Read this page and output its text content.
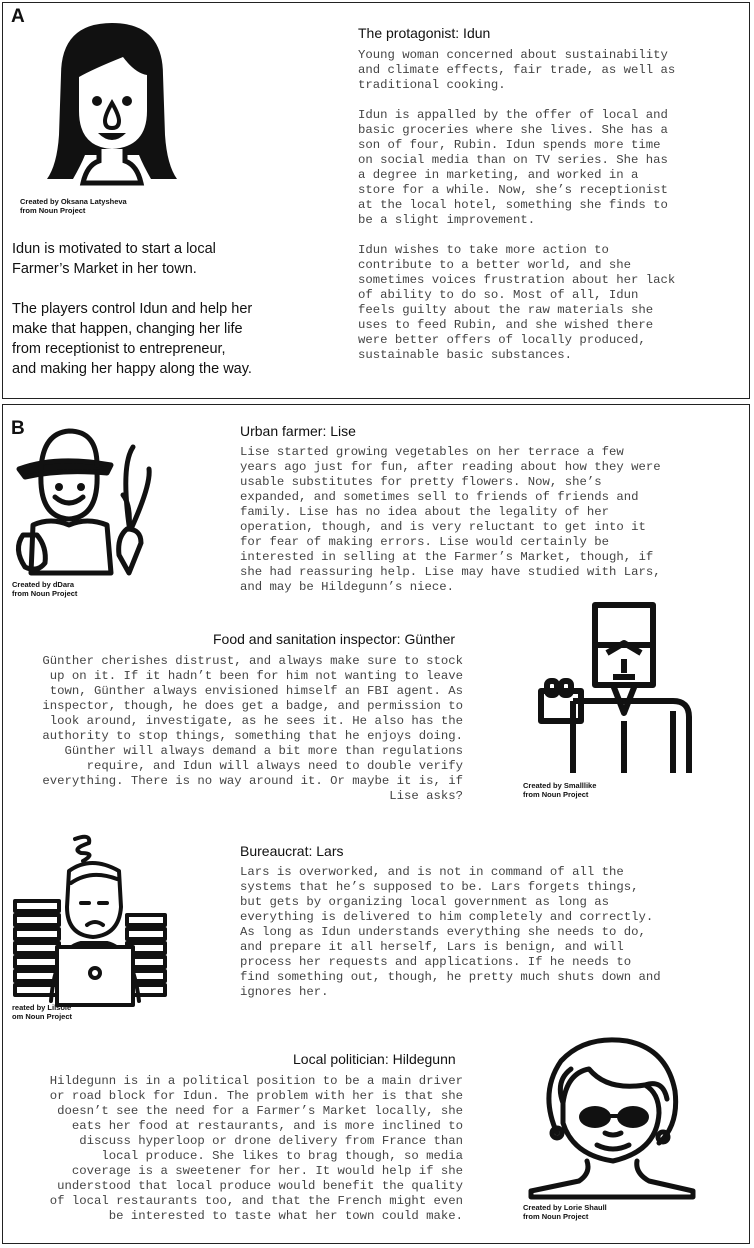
A
Created by Oksana Latysheva
from Noun Project
Idun is motivated to start a local
Farmer’s Market in her town.

The players control Idun and help her
make that happen, changing her life
from receptionist to entrepreneur,
and making her happy along the way.
The protagonist: Idun
Young woman concerned about sustainability
and climate effects, fair trade, as well as
traditional cooking.

Idun is appalled by the offer of local and
basic groceries where she lives. She has a
son of four, Rubin. Idun spends more time
on social media than on TV series. She has
a degree in marketing, and worked in a
store for a while. Now, she’s receptionist
at the local hotel, something she finds to
be a slight improvement.

Idun wishes to take more action to
contribute to a better world, and she
sometimes voices frustration about her lack
of ability to do so. Most of all, Idun
feels guilty about the raw materials she
uses to feed Rubin, and she wished there
were better offers of locally produced,
sustainable basic substances.
B
Created by dDara
from Noun Project
Urban farmer: Lise
Lise started growing vegetables on her terrace a few
years ago just for fun, after reading about how they were
usable substitutes for pretty flowers. Now, she’s
expanded, and sometimes sell to friends of friends and
family. Lise has no idea about the legality of her
operation, though, and is very reluctant to get into it
for fear of making errors. Lise would certainly be
interested in selling at the Farmer’s Market, though, if
she had reassuring help. Lise may have studied with Lars,
and may be Hildegunn’s niece.
Food and sanitation inspector: Günther
Günther cherishes distrust, and always make sure to stock
up on it. If it hadn’t been for him not wanting to leave
town, Günther always envisioned himself an FBI agent. As
inspector, though, he does get a badge, and permission to
look around, investigate, as he sees it. He also has the
authority to stop things, something that he enjoys doing.
Günther will always demand a bit more than regulations
require, and Idun will always need to double verify
everything. There is no way around it. Or maybe it is, if
Lise asks?
Created by Smalllike
from Noun Project
reated by Lilsole
om Noun Project
Bureaucrat: Lars
Lars is overworked, and is not in command of all the
systems that he’s supposed to be. Lars forgets things,
but gets by organizing local government as long as
everything is delivered to him completely and correctly.
As long as Idun understands everything she needs to do,
and prepare it all herself, Lars is benign, and will
process her requests and applications. If he needs to
find something out, though, he pretty much shuts down and
ignores her.
Local politician: Hildegunn
Hildegunn is in a political position to be a main driver
or road block for Idun. The problem with her is that she
doesn’t see the need for a Farmer’s Market locally, she
eats her food at restaurants, and is more inclined to
discuss hyperloop or drone delivery from France than
local produce. She likes to brag though, so media
coverage is a sweetener for her. It would help if she
understood that local produce would benefit the quality
of local restaurants too, and that the French might even
be interested to taste what her town could make.
Created by Lorie Shaull
from Noun Project
